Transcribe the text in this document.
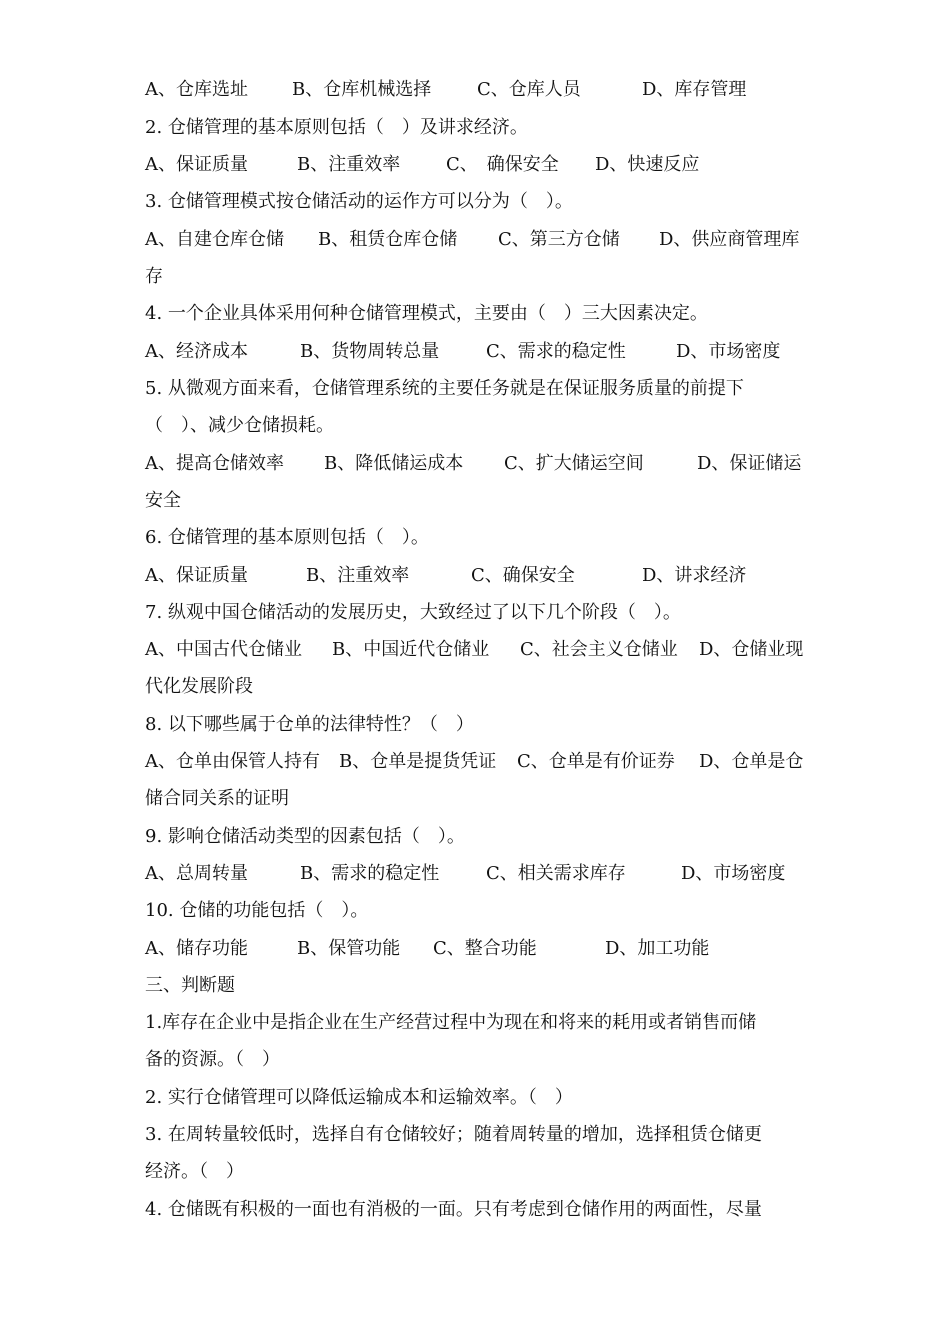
A、仓库选址 B、仓库机械选择	C、仓库人员	D、库存管理
2. 仓储管理的基本原则包括（　）及讲求经济。
A、保证质量	B、注重效率	C、　确保安全 D、快速反应
3. 仓储管理模式按仓储活动的运作方可以分为（　）。
A、自建仓库仓储 B、租赁仓库仓储 C、第三方仓储 D、供应商管理库
存
4. 一个企业具体采用何种仓储管理模式，主要由（　）三大因素决定。
A、经济成本	B、货物周转总量	C、需求的稳定性	D、市场密度
5. 从微观方面来看，仓储管理系统的主要任务就是在保证服务质量的前提下
（　）、减少仓储损耗。
A、提高仓储效率 B、降低储运成本 C、扩大储运空间	D、保证储运
安全
6. 仓储管理的基本原则包括（　）。
A、保证质量	B、注重效率	C、确保安全	D、讲求经济
7. 纵观中国仓储活动的发展历史，大致经过了以下几个阶段（　）。
A、中国古代仓储业 B、中国近代仓储业 C、社会主义仓储业 D、仓储业现
代化发展阶段
8. 以下哪些属于仓单的法律特性？（　）
A、仓单由保管人持有 B、仓单是提货凭证 C、仓单是有价证券 D、仓单是仓
储合同关系的证明
9. 影响仓储活动类型的因素包括（　）。
A、总周转量	B、需求的稳定性	C、相关需求库存	D、市场密度
10. 仓储的功能包括（　）。
A、储存功能	B、保管功能 C、整合功能	D、加工功能
三、判断题
1.库存在企业中是指企业在生产经营过程中为现在和将来的耗用或者销售而储
备的资源。（　）
2. 实行仓储管理可以降低运输成本和运输效率。（　）
3. 在周转量较低时，选择自有仓储较好；随着周转量的增加，选择租赁仓储更
经济。（　）
4. 仓储既有积极的一面也有消极的一面。只有考虑到仓储作用的两面性，尽量
